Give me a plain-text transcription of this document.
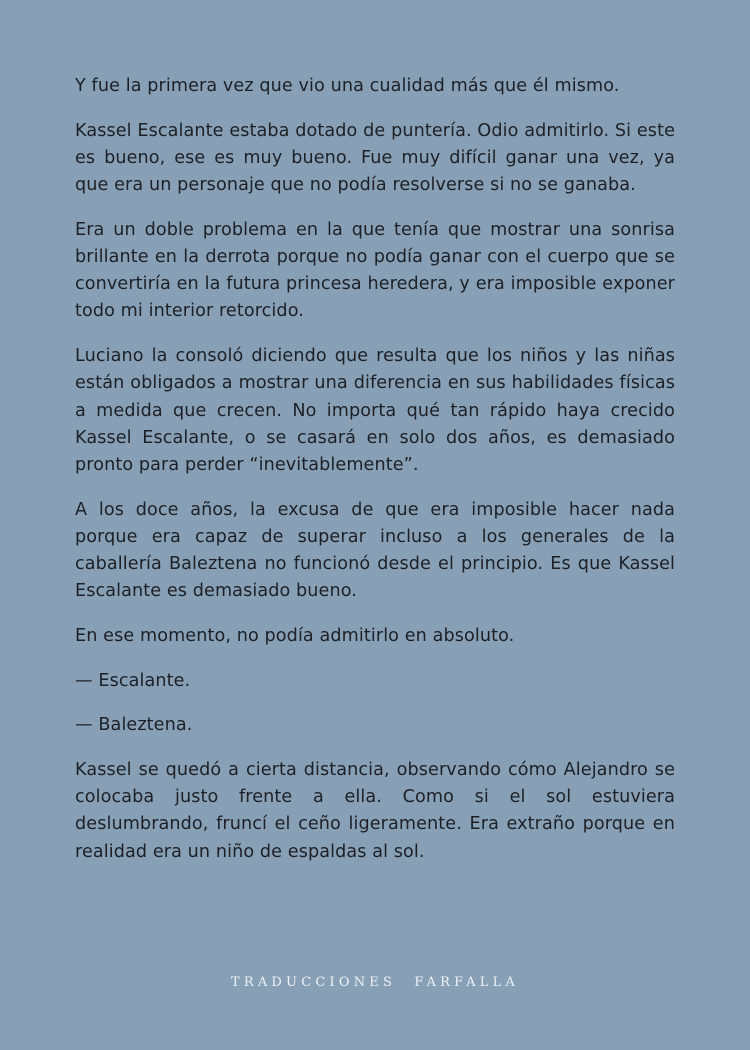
Y fue la primera vez que vio una cualidad más que él mismo.

Kassel Escalante estaba dotado de puntería. Odio admitirlo. Si este es bueno, ese es muy bueno. Fue muy difícil ganar una vez, ya que era un personaje que no podía resolverse si no se ganaba.

Era un doble problema en la que tenía que mostrar una sonrisa brillante en la derrota porque no podía ganar con el cuerpo que se convertiría en la futura princesa heredera, y era imposible exponer todo mi interior retorcido.

Luciano la consoló diciendo que resulta que los niños y las niñas están obligados a mostrar una diferencia en sus habilidades físicas a medida que crecen. No importa qué tan rápido haya crecido Kassel Escalante, o se casará en solo dos años, es demasiado pronto para perder “inevitablemente”.

A los doce años, la excusa de que era imposible hacer nada porque era capaz de superar incluso a los generales de la caballería Baleztena no funcionó desde el principio. Es que Kassel Escalante es demasiado bueno.

En ese momento, no podía admitirlo en absoluto.

— Escalante.

— Baleztena.

Kassel se quedó a cierta distancia, observando cómo Alejandro se colocaba justo frente a ella. Como si el sol estuviera deslumbrando, fruncí el ceño ligeramente. Era extraño porque en realidad era un niño de espaldas al sol.

TRADUCCIONES FARFALLA
